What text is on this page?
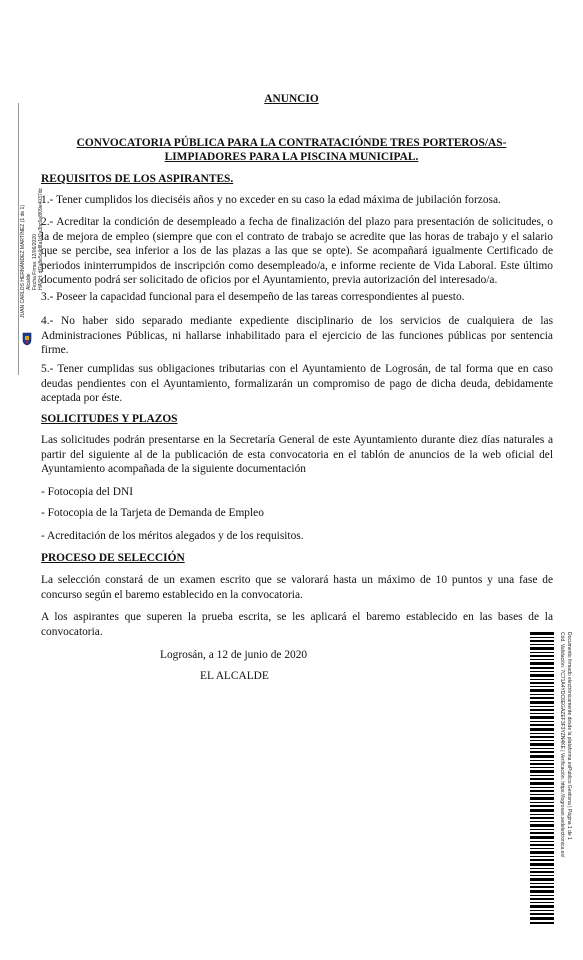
ANUNCIO
CONVOCATORIA PÚBLICA PARA LA CONTRATACIÓNDE TRES PORTEROS/AS-
LIMPIADORES PARA LA PISCINA MUNICIPAL.
REQUISITOS DE LOS ASPIRANTES.
1.- Tener cumplidos los dieciséis años y no exceder en su caso la edad máxima de jubilación forzosa.
2.- Acreditar la condición de desempleado a fecha de finalización del plazo para presentación de solicitudes, o la de mejora de empleo (siempre que con el contrato de trabajo se acredite que las horas de trabajo y el salario que se percibe, sea inferior a los de las plazas a las que se opte). Se acompañará igualmente Certificado de periodos ininterrumpidos de inscripción como desempleado/a, e informe reciente de Vida Laboral. Este último documento podrá ser solicitado de oficios por el Ayuntamiento, previa autorización del interesado/a.
3.- Poseer la capacidad funcional para el desempeño de las tareas correspondientes al puesto.
4.- No haber sido separado mediante expediente disciplinario de los servicios de cualquiera de las Administraciones Públicas, ni hallarse inhabilitado para el ejercicio de las funciones públicas por sentencia firme.
5.- Tener cumplidas sus obligaciones tributarias con el Ayuntamiento de Logrosán, de tal forma que en caso deudas pendientes con el Ayuntamiento, formalizarán un compromiso de pago de dicha deuda, debidamente aceptada por éste.
SOLICITUDES Y PLAZOS
Las solicitudes podrán presentarse en la Secretaría General de este Ayuntamiento durante diez días naturales a partir del siguiente al de la publicación de esta convocatoria en el tablón de anuncios de la web oficial del Ayuntamiento acompañada de la siguiente documentación
- Fotocopia del DNI
- Fotocopia de la Tarjeta de Demanda de Empleo
- Acreditación de los méritos alegados y de los requisitos.
PROCESO DE SELECCIÓN
La selección constará de un examen escrito que se valorará hasta un máximo de 10 puntos y una fase de concurso según el baremo establecido en la convocatoria.
A los aspirantes que superen la prueba escrita, se les aplicará el baremo establecido en las bases de la convocatoria.
Logrosán, a 12 de junio de 2020
EL ALCALDE
JUAN CARLOS HERNÁNDEZ MARTÍNEZ (1 de 1) Alcalde Fecha Firma: 12/06/2020 HASH: df7a8e5c4d8a1d2a3bc6e8f09e4037dc
Cód. Validación: 7C71A4YDC6EGAZEF3F3YZN4KE | Verificación: https://logrosan.sedelectronica.es/ Documento firmado electrónicamente desde la plataforma esPublico Gestiona | Página 1 de 1
